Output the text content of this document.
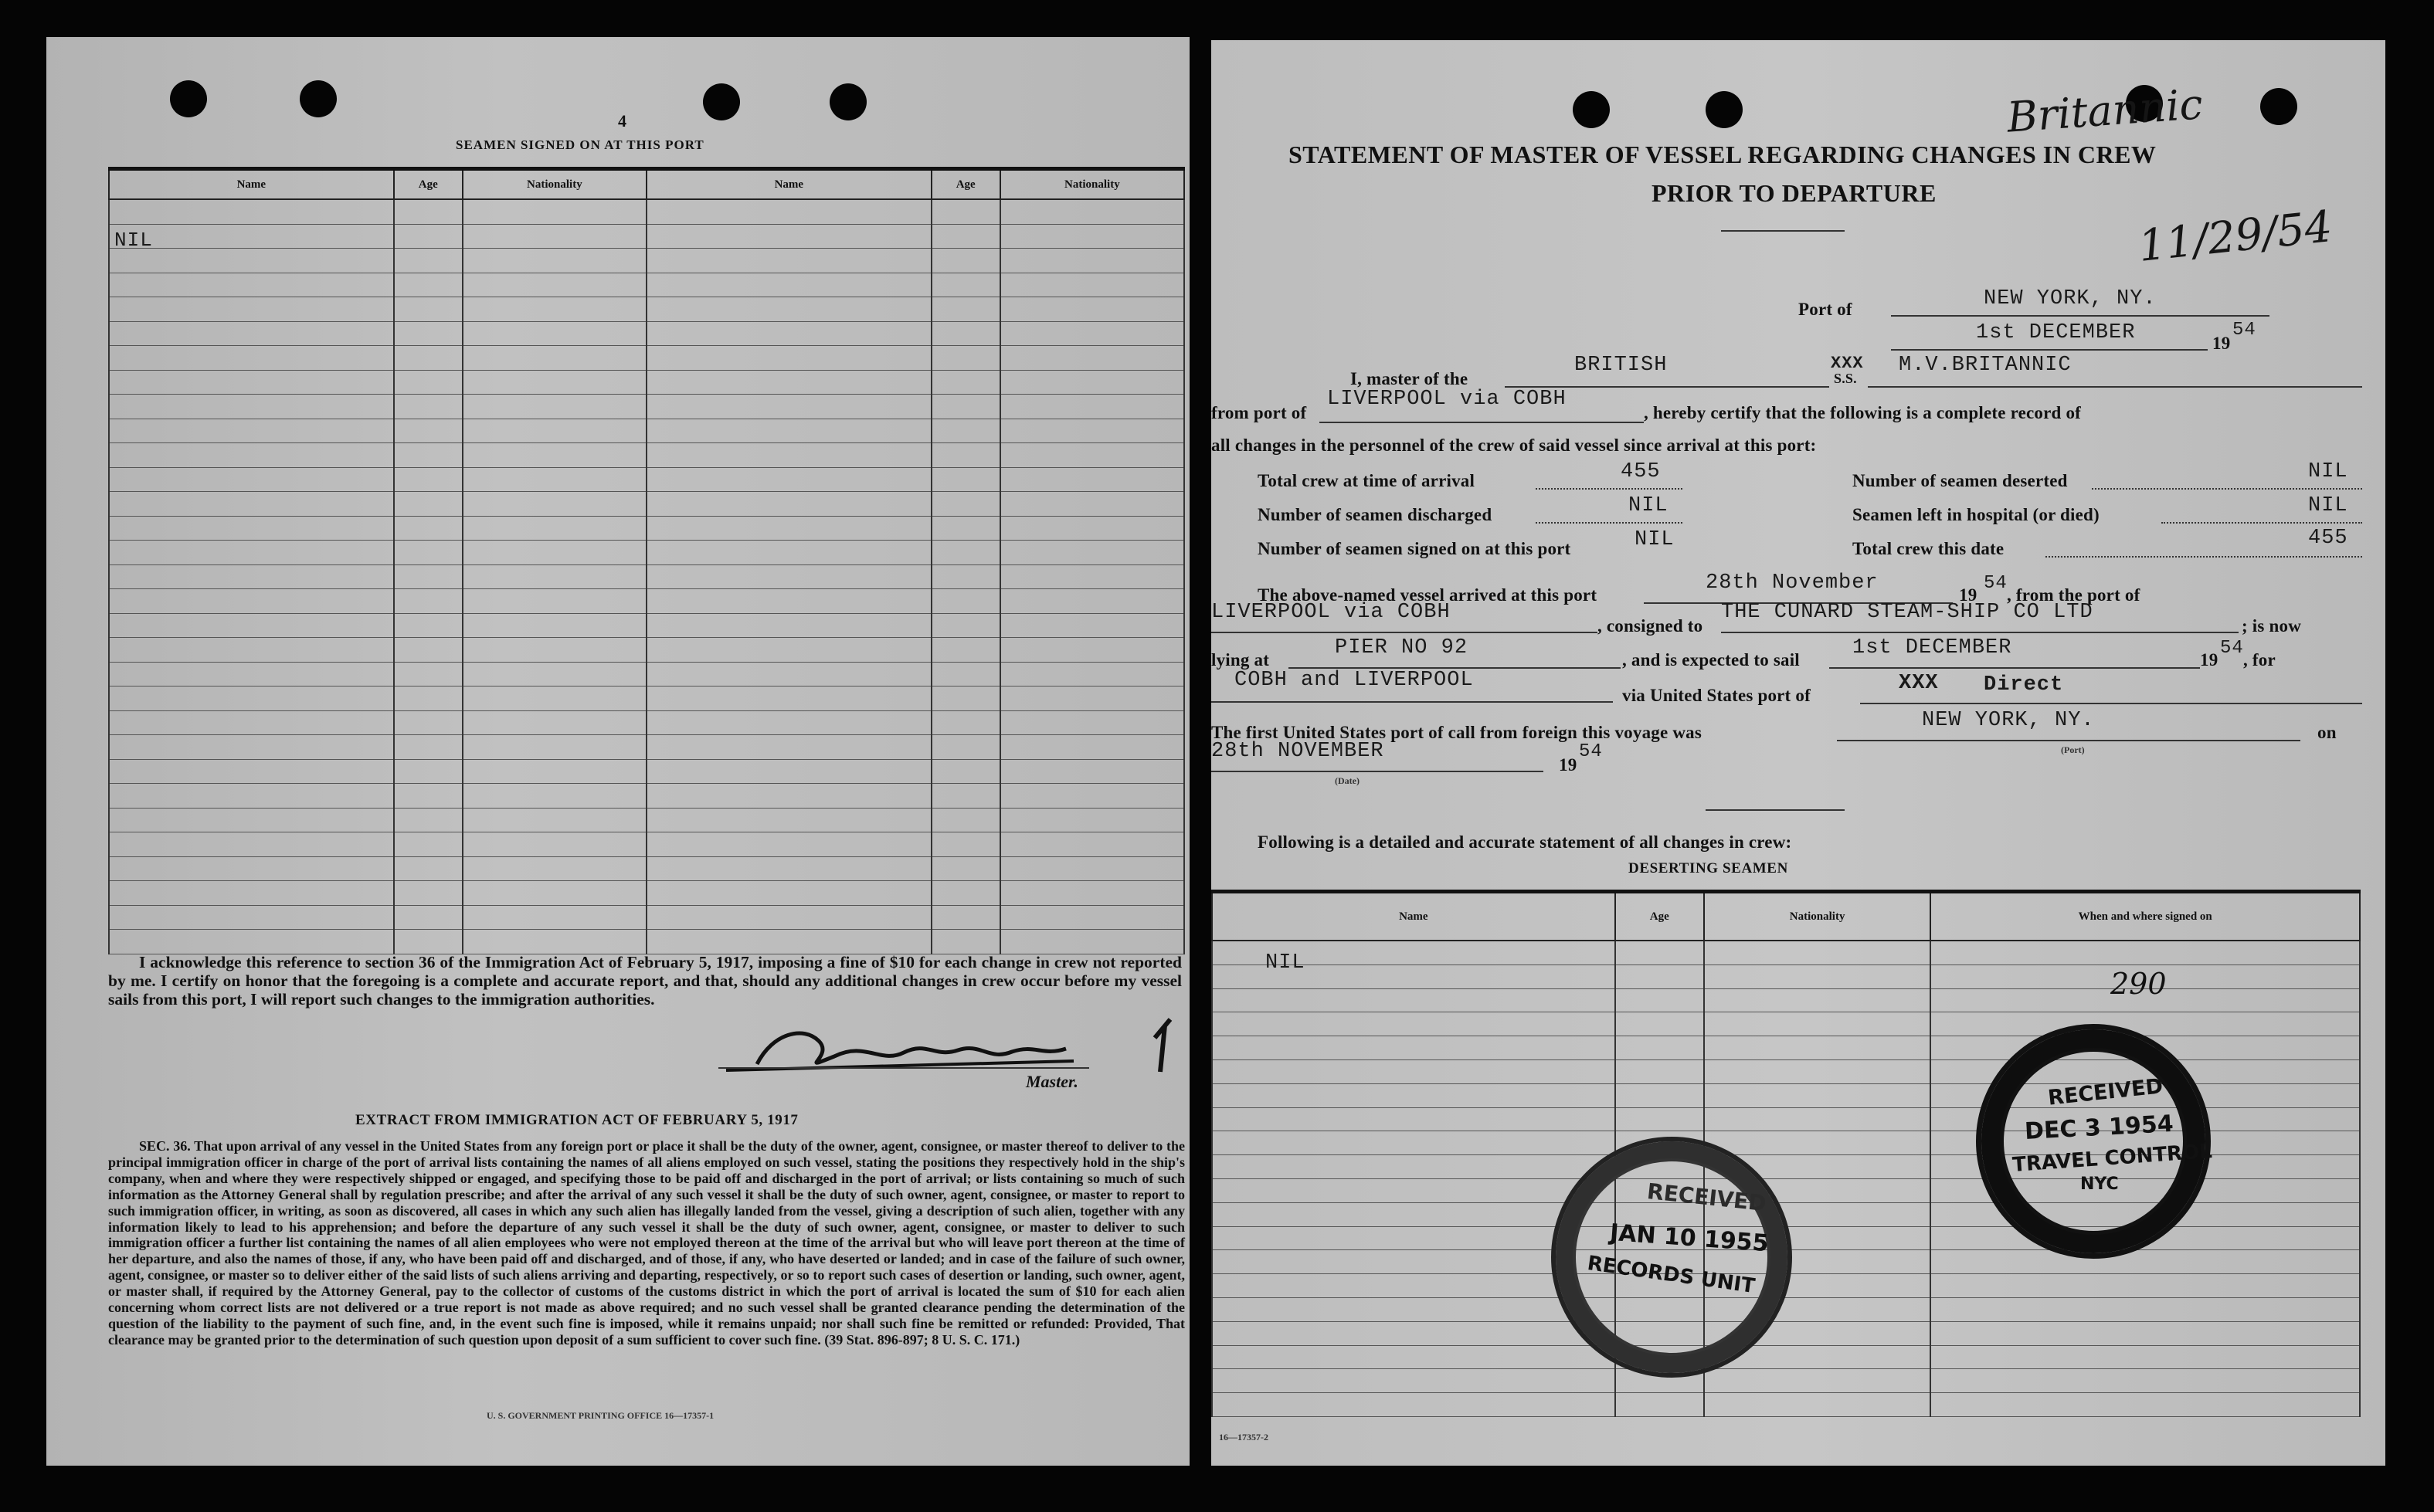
4
SEAMEN SIGNED ON AT THIS PORT
Name	Age	Nationality	Name	Age	Nationality

NIL
I acknowledge this reference to section 36 of the Immigration Act of February 5, 1917, imposing a fine of $10 for each change in crew not reported by me. I certify on honor that the foregoing is a complete and accurate report, and that, should any additional changes in crew occur before my vessel sails from this port, I will report such changes to the immigration authorities.
Master.
EXTRACT FROM IMMIGRATION ACT OF FEBRUARY 5, 1917
SEC. 36. That upon arrival of any vessel in the United States from any foreign port or place it shall be the duty of the owner, agent, consignee, or master thereof to deliver to the principal immigration officer in charge of the port of arrival lists containing the names of all aliens employed on such vessel, stating the positions they respectively hold in the ship's company, when and where they were respectively shipped or engaged, and specifying those to be paid off and discharged in the port of arrival; or lists containing so much of such information as the Attorney General shall by regulation prescribe; and after the arrival of any such vessel it shall be the duty of such owner, agent, consignee, or master to report to such immigration officer, in writing, as soon as discovered, all cases in which any such alien has illegally landed from the vessel, giving a description of such alien, together with any information likely to lead to his apprehension; and before the departure of any such vessel it shall be the duty of such owner, agent, consignee, or master to deliver to such immigration officer a further list containing the names of all alien employees who were not employed thereon at the time of the arrival but who will leave port thereon at the time of her departure, and also the names of those, if any, who have been paid off and discharged, and of those, if any, who have deserted or landed; and in case of the failure of such owner, agent, consignee, or master so to deliver either of the said lists of such aliens arriving and departing, respectively, or so to report such cases of desertion or landing, such owner, agent, or master shall, if required by the Attorney General, pay to the collector of customs of the customs district in which the port of arrival is located the sum of $10 for each alien concerning whom correct lists are not delivered or a true report is not made as above required; and no such vessel shall be granted clearance pending the determination of the question of the liability to the payment of such fine, and, in the event such fine is imposed, while it remains unpaid; nor shall such fine be remitted or refunded: Provided, That clearance may be granted prior to the determination of such question upon deposit of a sum sufficient to cover such fine. (39 Stat. 896-897; 8 U. S. C. 171.)
U. S. GOVERNMENT PRINTING OFFICE 16—17357-1
STATEMENT OF MASTER OF VESSEL REGARDING CHANGES IN CREW
PRIOR TO DEPARTURE
Britannic
11/29/54
Port of	NEW YORK, NY.
1st DECEMBER	19
54
I, master of the
BRITISH	XXX
S.S.
M.V.BRITANNIC
from port of
LIVERPOOL via COBH
, hereby certify that the following is a complete record of
all changes in the personnel of the crew of said vessel since arrival at this port:
Total crew at time of arrival	455
Number of seamen discharged	NIL
Number of seamen signed on at this port	NIL
Number of seamen deserted	NIL
Seamen left in hospital (or died)	NIL
Total crew this date	455
The above-named vessel arrived at this port
28th November
19
54
, from the port of
LIVERPOOL via COBH
, consigned to
THE CUNARD STEAM-SHIP CO LTD
; is now
lying at
PIER NO 92
, and is expected to sail
1st DECEMBER
19
54
, for
COBH and LIVERPOOL
via United States port of
XXX Direct
The first United States port of call from foreign this voyage was
NEW YORK, NY.
(Port)
on
28th NOVEMBER
(Date)
19
54
Following is a detailed and accurate statement of all changes in crew:
DESERTING SEAMEN
Name	Age	Nationality	When and where signed on

NIL
290
RECEIVED
JAN 10 1955
RECORDS UNIT
RECEIVED
DEC 3 1954
TRAVEL CONTROL
NYC
16—17357-2
